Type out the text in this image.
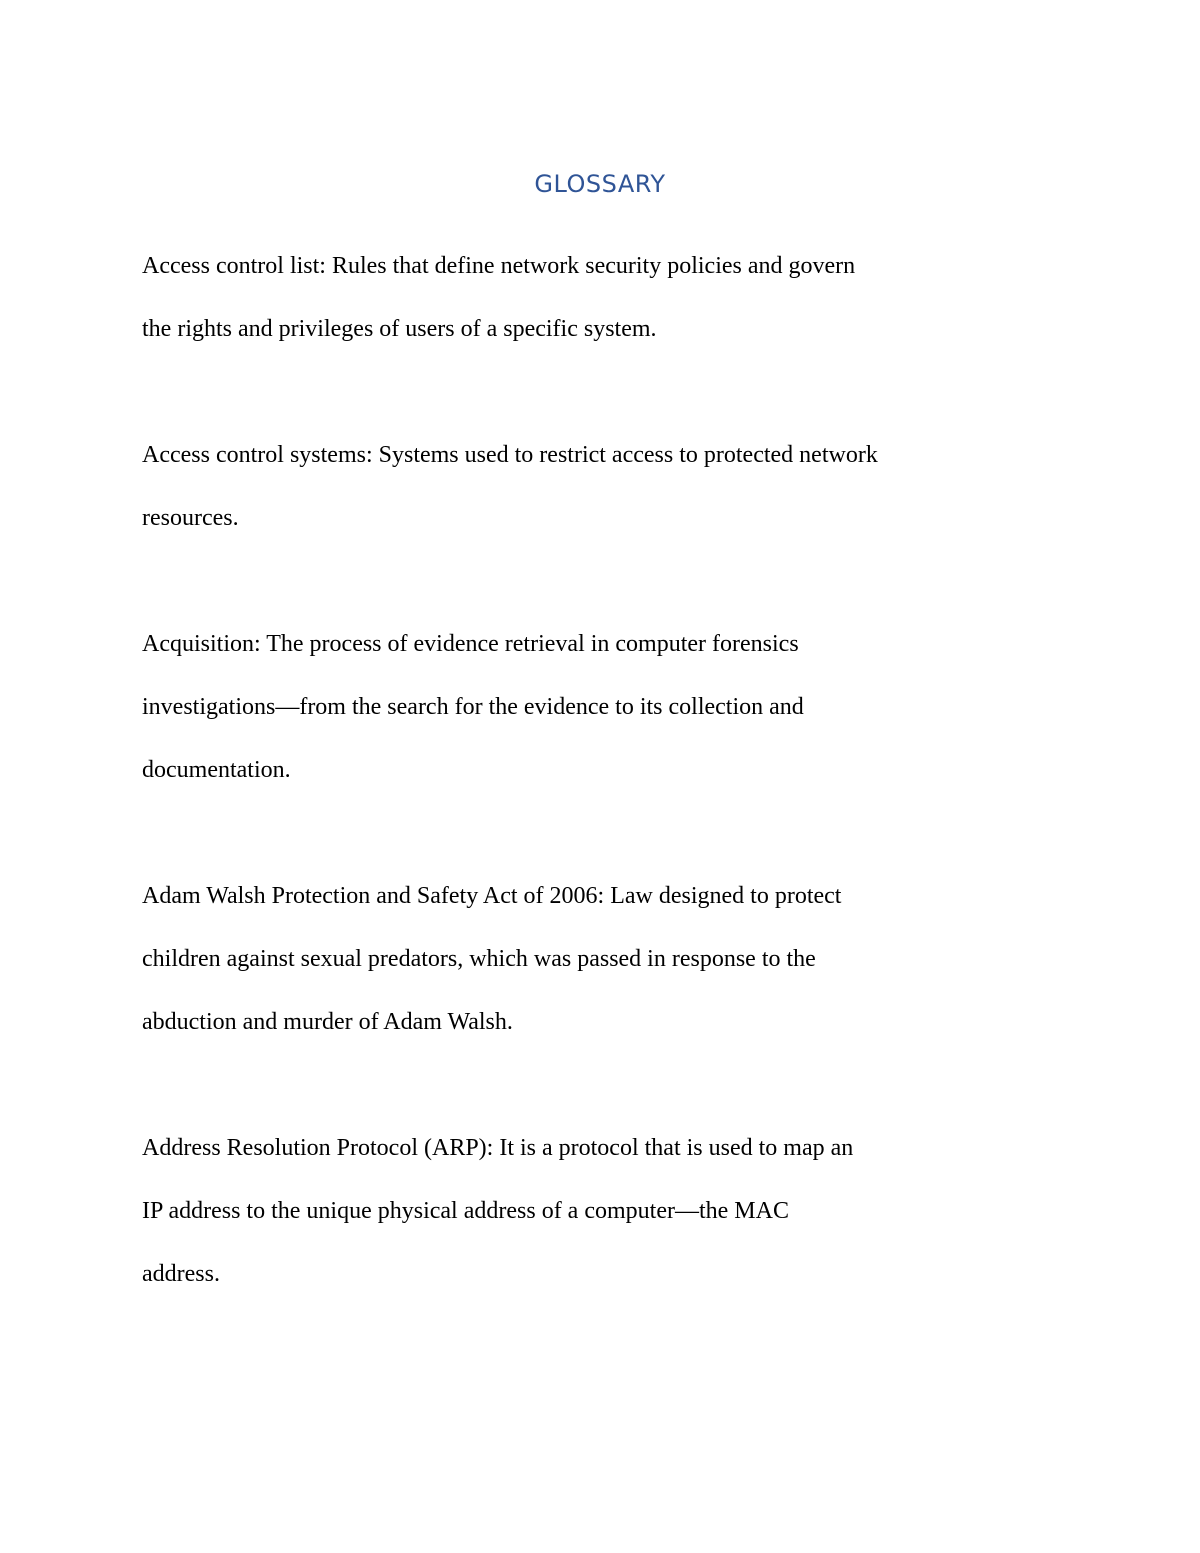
GLOSSARY

Access control list: Rules that define network security policies and govern
the rights and privileges of users of a specific system.

Access control systems: Systems used to restrict access to protected network
resources.

Acquisition: The process of evidence retrieval in computer forensics
investigations—from the search for the evidence to its collection and
documentation.

Adam Walsh Protection and Safety Act of 2006: Law designed to protect
children against sexual predators, which was passed in response to the
abduction and murder of Adam Walsh.

Address Resolution Protocol (ARP): It is a protocol that is used to map an
IP address to the unique physical address of a computer—the MAC
address.
